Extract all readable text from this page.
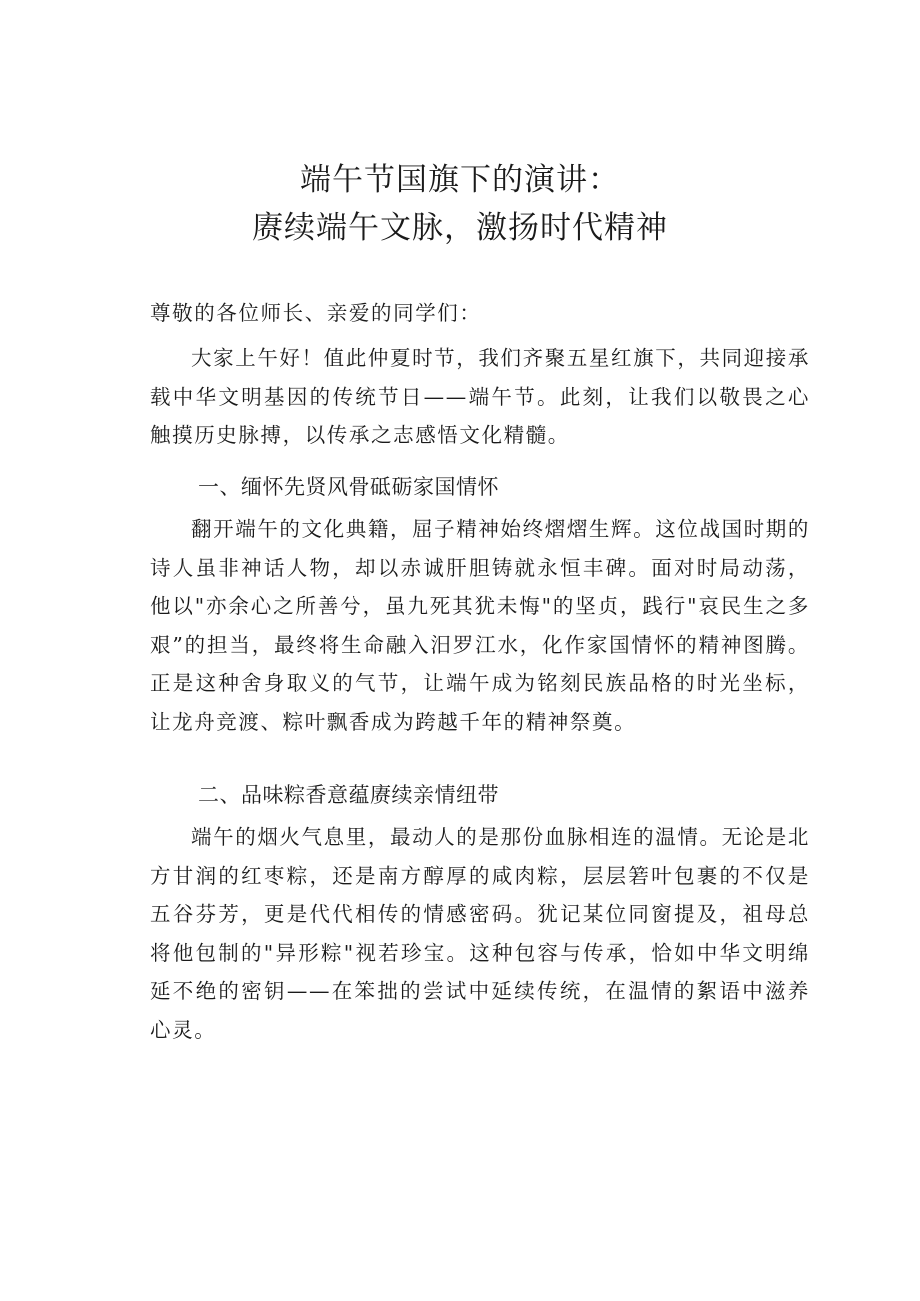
端午节国旗下的演讲：
赓续端午文脉，激扬时代精神
尊敬的各位师长、亲爱的同学们：
大家上午好！值此仲夏时节，我们齐聚五星红旗下，共同迎接承载中华文明基因的传统节日——端午节。此刻，让我们以敬畏之心触摸历史脉搏，以传承之志感悟文化精髓。
一、缅怀先贤风骨砥砺家国情怀
翻开端午的文化典籍，屈子精神始终熠熠生辉。这位战国时期的诗人虽非神话人物，却以赤诚肝胆铸就永恒丰碑。面对时局动荡，他以"亦余心之所善兮，虽九死其犹未悔"的坚贞，践行"哀民生之多艰”的担当，最终将生命融入汨罗江水，化作家国情怀的精神图腾。正是这种舍身取义的气节，让端午成为铭刻民族品格的时光坐标，让龙舟竞渡、粽叶飘香成为跨越千年的精神祭奠。
二、品味粽香意蕴赓续亲情纽带
端午的烟火气息里，最动人的是那份血脉相连的温情。无论是北方甘润的红枣粽，还是南方醇厚的咸肉粽，层层箬叶包裹的不仅是五谷芬芳，更是代代相传的情感密码。犹记某位同窗提及，祖母总将他包制的"异形粽"视若珍宝。这种包容与传承，恰如中华文明绵延不绝的密钥——在笨拙的尝试中延续传统，在温情的絮语中滋养心灵。
